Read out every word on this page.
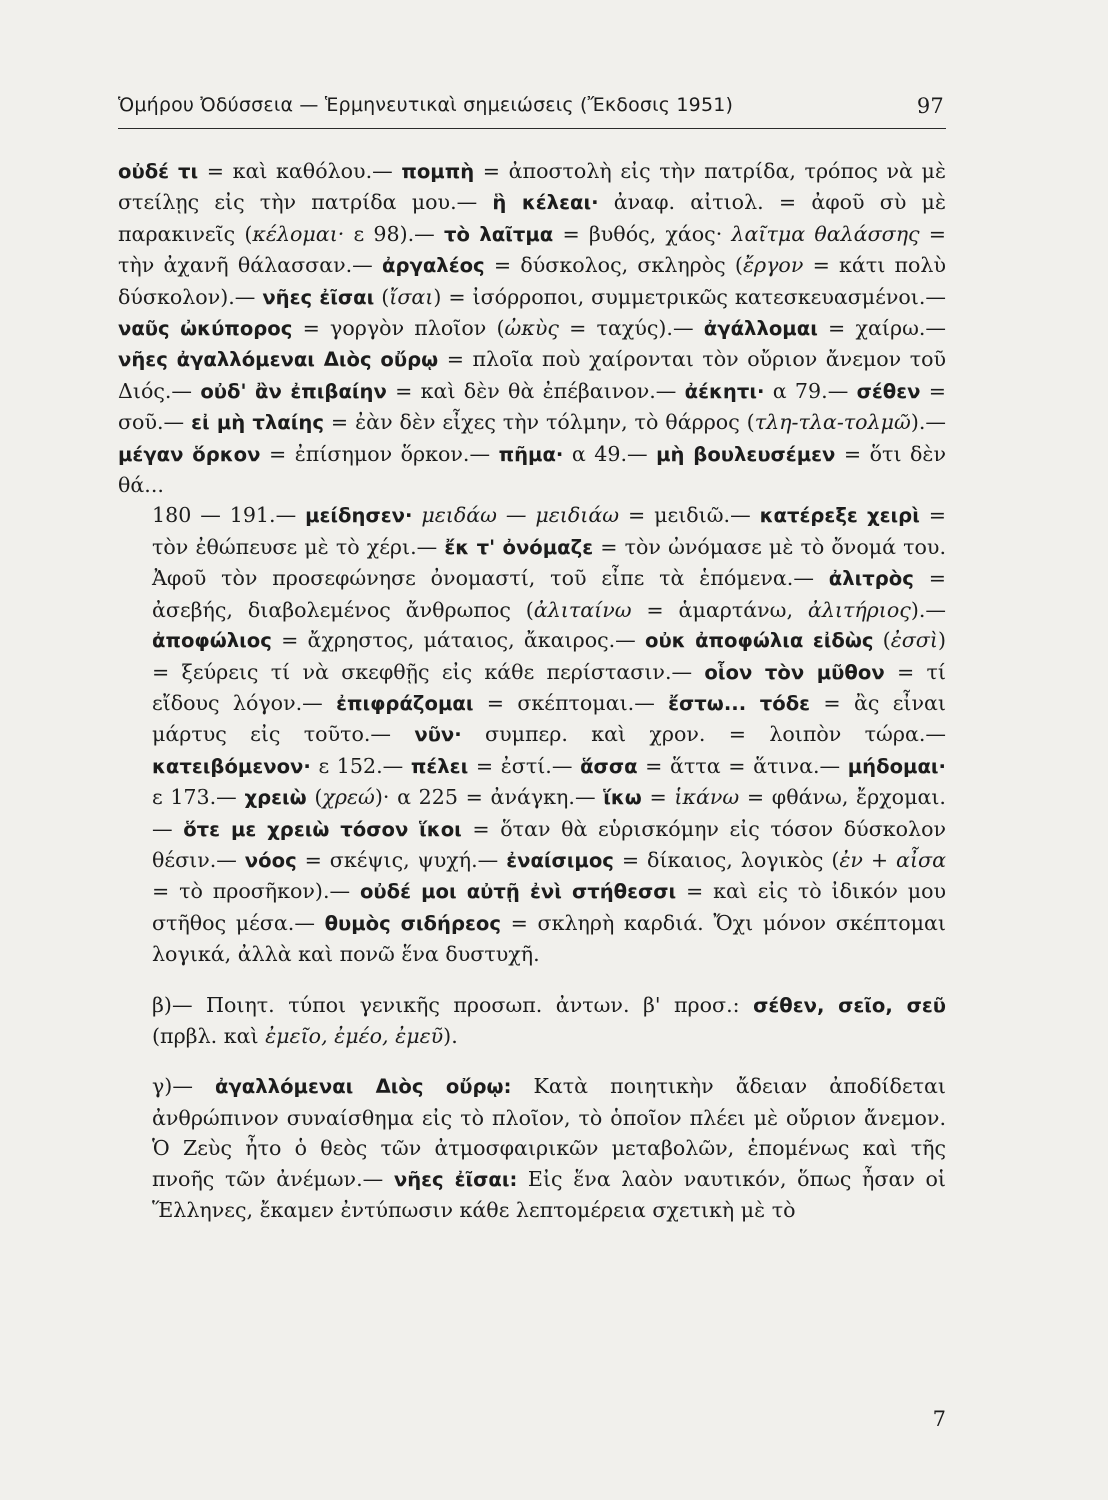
Ὁμήρου Ὀδύσσεια — Ἑρμηνευτικαὶ σημειώσεις (Ἔκδοσις 1951)	97

οὐδέ τι = καὶ καθόλου.— πομπὴ = ἀποστολὴ εἰς τὴν πατρίδα, τρόπος νὰ μὲ στείλῃς εἰς τὴν πατρίδα μου.— ἣ κέλεαι· ἀναφ. αἰτιολ. = ἀφοῦ σὺ μὲ παρακινεῖς (κέλομαι· ε 98).— τὸ λαῖτμα = βυθός, χάος· λαῖτμα θαλάσσης = τὴν ἀχανῆ θάλασσαν.— ἀργαλέος = δύσκολος, σκληρὸς (ἔργον = κάτι πολὺ δύσκολον).— νῆες ἐῖσαι (ἴσαι) = ἰσόρροποι, συμμετρικῶς κατεσκευασμένοι.— ναῦς ὠκύπορος = γοργὸν πλοῖον (ὠκὺς = ταχύς).— ἀγάλλομαι = χαίρω.— νῆες ἀγαλλόμεναι Διὸς οὔρῳ = πλοῖα ποὺ χαίρονται τὸν οὔριον ἄνεμον τοῦ Διός.— οὐδ' ἂν ἐπιβαίην = καὶ δὲν θὰ ἐπέβαινον.— ἀέκητι· α 79.— σέθεν = σοῦ.— εἰ μὴ τλαίης = ἐὰν δὲν εἶχες τὴν τόλμην, τὸ θάρρος (τλη-τλα-τολμῶ).— μέγαν ὅρκον = ἐπίσημον ὅρκον.— πῆμα· α 49.— μὴ βουλευσέμεν = ὅτι δὲν θά...

180 — 191.— μείδησεν· μειδάω — μειδιάω = μειδιῶ.— κατέρεξε χειρὶ = τὸν ἐθώπευσε μὲ τὸ χέρι.— ἔκ τ' ὀνόμαζε = τὸν ὠνόμασε μὲ τὸ ὄνομά του. Ἀφοῦ τὸν προσεφώνησε ὀνομαστί, τοῦ εἶπε τὰ ἑπόμενα.— ἀλιτρὸς = ἀσεβής, διαβολεμένος ἄνθρωπος (ἀλιταίνω = ἁμαρτάνω, ἀλιτήριος).— ἀποφώλιος = ἄχρηστος, μάταιος, ἄκαιρος.— οὐκ ἀποφώλια εἰδὼς (ἐσσὶ) = ξεύρεις τί νὰ σκεφθῇς εἰς κάθε περίστασιν.— οἷον τὸν μῦθον = τί εἴδους λόγον.— ἐπιφράζομαι = σκέπτομαι.— ἔστω... τόδε = ἂς εἶναι μάρτυς εἰς τοῦτο.— νῦν· συμπερ. καὶ χρον. = λοιπὸν τώρα.— κατειβόμενον· ε 152.— πέλει = ἐστί.— ἅσσα = ἅττα = ἅτινα.— μήδομαι· ε 173.— χρειὼ (χρεώ)· α 225 = ἀνάγκη.— ἵκω = ἱκάνω = φθάνω, ἔρχομαι.— ὅτε με χρειὼ τόσον ἵκοι = ὅταν θὰ εὑρισκόμην εἰς τόσον δύσκολον θέσιν.— νόος = σκέψις, ψυχή.— ἐναίσιμος = δίκαιος, λογικὸς (ἐν + αἶσα = τὸ προσῆκον).— οὐδέ μοι αὐτῇ ἐνὶ στήθεσσι = καὶ εἰς τὸ ἰδικόν μου στῆθος μέσα.— θυμὸς σιδήρεος = σκληρὴ καρδιά. Ὄχι μόνον σκέπτομαι λογικά, ἀλλὰ καὶ πονῶ ἕνα δυστυχῆ.

β)— Ποιητ. τύποι γενικῆς προσωπ. ἀντων. β' προσ.: σέθεν, σεῖο, σεῦ (πρβλ. καὶ ἐμεῖο, ἐμέο, ἐμεῦ).

γ)— ἀγαλλόμεναι Διὸς οὔρῳ: Κατὰ ποιητικὴν ἄδειαν ἀποδίδεται ἀνθρώπινον συναίσθημα εἰς τὸ πλοῖον, τὸ ὁποῖον πλέει μὲ οὔριον ἄνεμον. Ὁ Ζεὺς ἦτο ὁ θεὸς τῶν ἀτμοσφαιρικῶν μεταβολῶν, ἑπομένως καὶ τῆς πνοῆς τῶν ἀνέμων.— νῆες ἐῖσαι: Εἰς ἕνα λαὸν ναυτικόν, ὅπως ἦσαν οἱ Ἕλληνες, ἔκαμεν ἐντύπωσιν κάθε λεπτομέρεια σχετικὴ μὲ τὸ

7
